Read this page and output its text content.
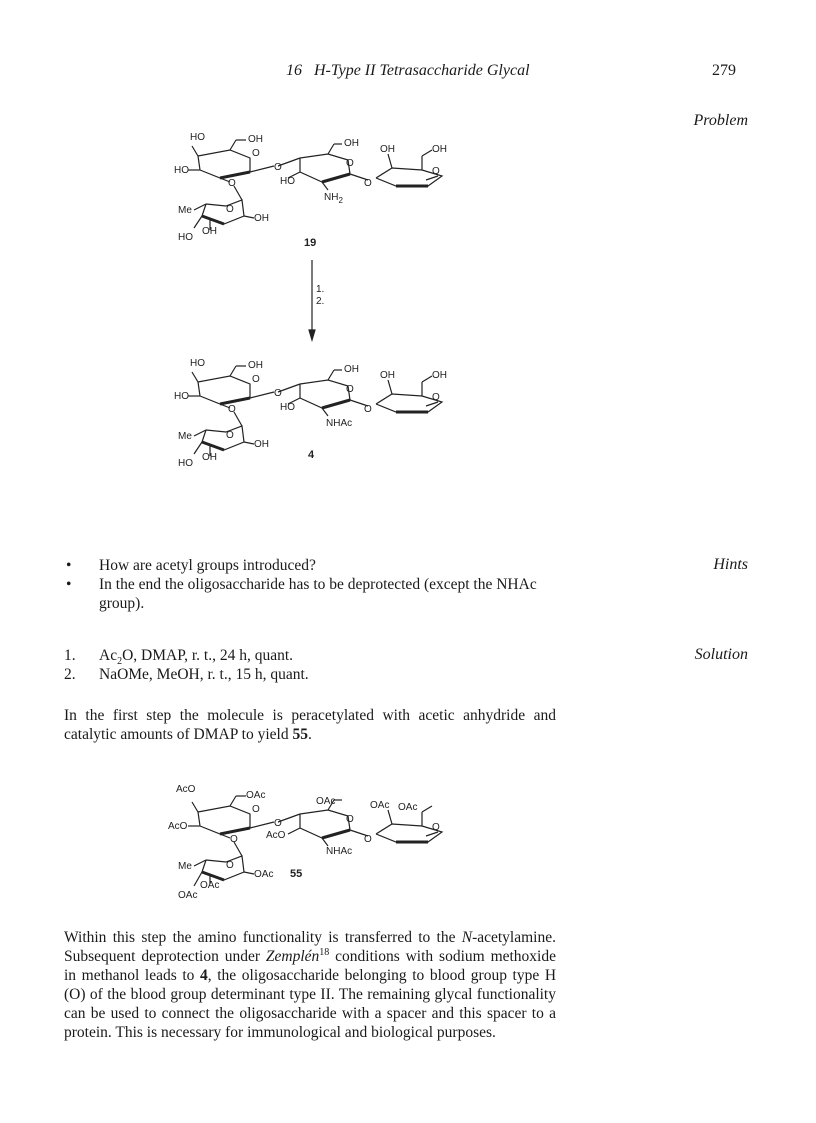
16   H-Type II Tetrasaccharide Glycal	279
Problem
Hints
Solution
HO	OH
O
HO	O
O
Me	O
OH
HO
OH
OH
O
HO
$NH_2$
O
OH	OH
O
19
1.
2.
HO	OH
O
HO	O
O
Me	O
OH
HO
OH
OH
O
HO
NHAc
O
OH	OH
O
4
• How are acetyl groups introduced?
• In the end the oligosaccharide has to be deprotected (except the NHAc group).
1. $Ac_2O$, DMAP, r. t., 24 h, quant.
2. NaOMe, MeOH, r. t., 15 h, quant.

In the first step the molecule is peracetylated with acetic anhydride and catalytic amounts of DMAP to yield 55.

AcO
OAc
O
AcO	O
O
Me	O
OAc
OAc
OAc
OAc
O
AcO
NHAc
O
OAc OAc
O
55

Within this step the amino functionality is transferred to the N-acetylamine. Subsequent deprotection under Zemplén$^{18}$ conditions with sodium methoxide in methanol leads to 4, the oligosaccharide belonging to blood group type H (O) of the blood group determinant type II. The remaining glycal functionality can be used to connect the oligosaccharide with a spacer and this spacer to a protein. This is necessary for immunological and biological purposes.
